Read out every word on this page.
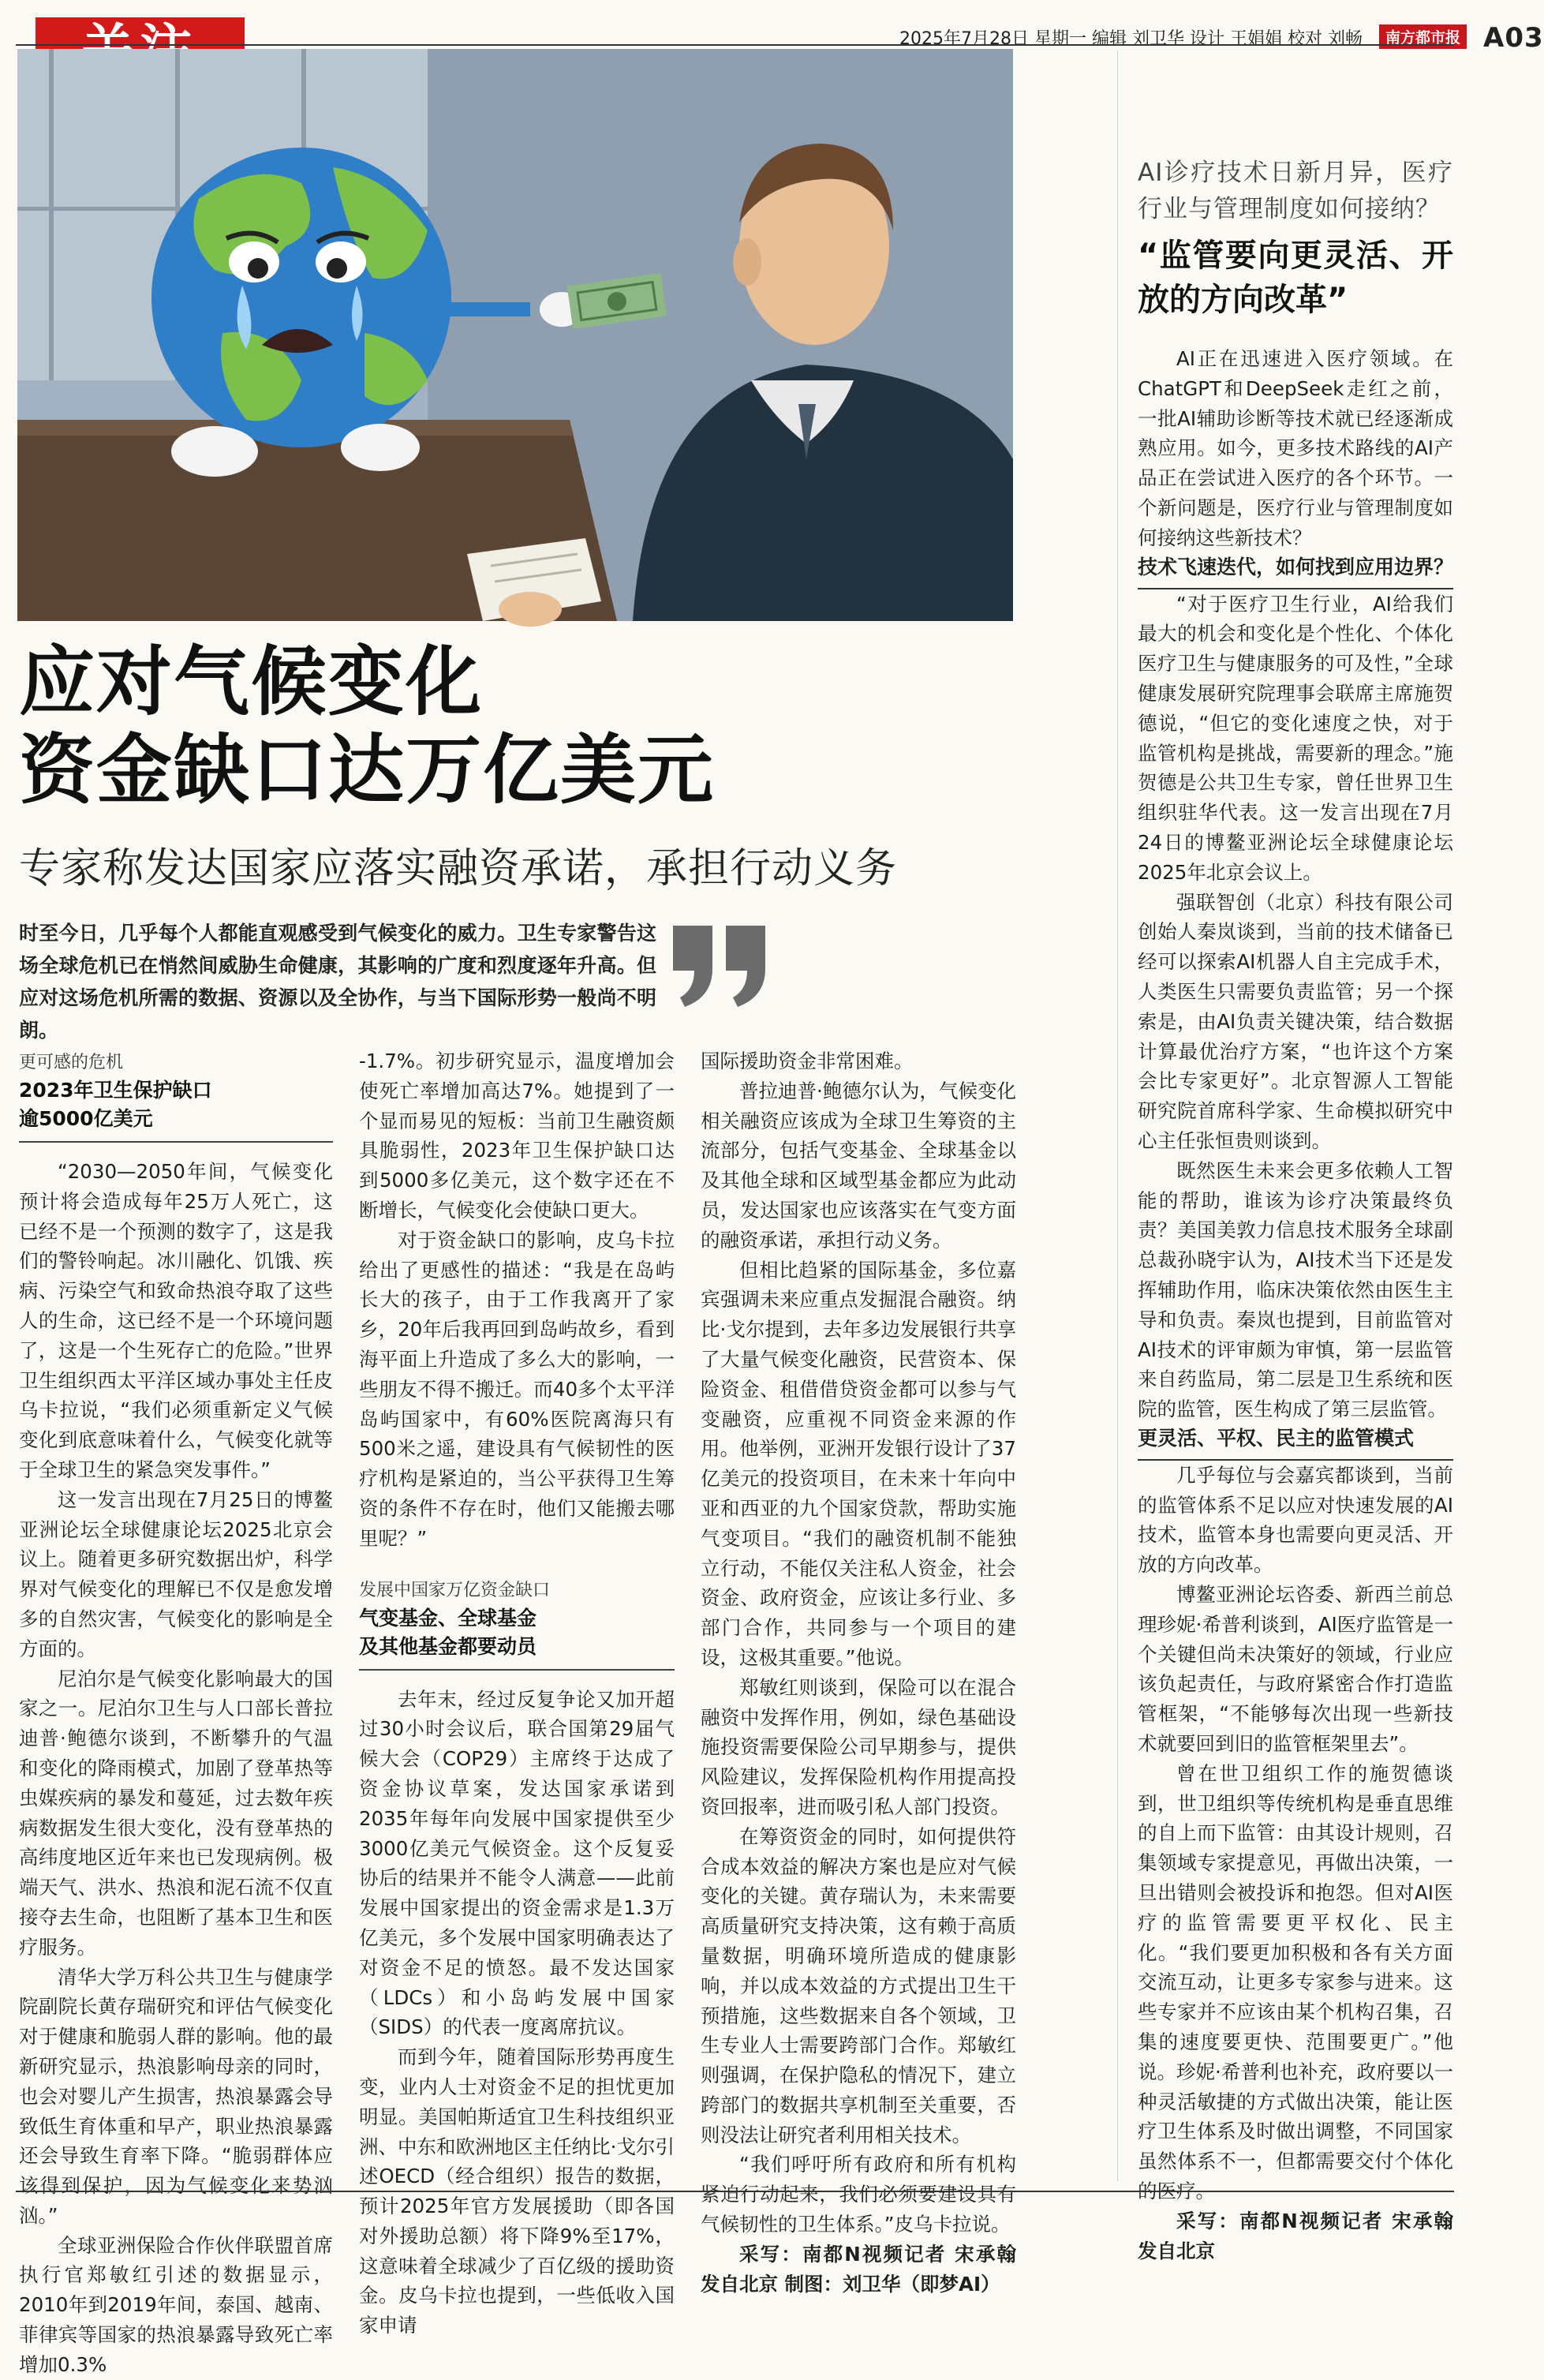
2025年7月28日 星期一 编辑 刘卫华 设计 王娟娟 校对 刘畅 南方都市报 A03
应对气候变化
资金缺口达万亿美元
专家称发达国家应落实融资承诺，承担行动义务
时至今日，几乎每个人都能直观感受到气候变化的威力。卫生专家警告这场全球危机已在悄然间威胁生命健康，其影响的广度和烈度逐年升高。但应对这场危机所需的数据、资源以及全协作，与当下国际形势一般尚不明朗。

更可感的危机

2023年卫生保护缺口

逾5000亿美元

“2030—2050年间，气候变化预计将会造成每年25万人死亡，这已经不是一个预测的数字了，这是我们的警铃响起。冰川融化、饥饿、疾病、污染空气和致命热浪夺取了这些人的生命，这已经不是一个环境问题了，这是一个生死存亡的危险。”世界卫生组织西太平洋区域办事处主任皮乌卡拉说，“我们必须重新定义气候变化到底意味着什么，气候变化就等于全球卫生的紧急突发事件。”

这一发言出现在7月25日的博鳌亚洲论坛全球健康论坛2025北京会议上。随着更多研究数据出炉，科学界对气候变化的理解已不仅是愈发增多的自然灾害，气候变化的影响是全方面的。

尼泊尔是气候变化影响最大的国家之一。尼泊尔卫生与人口部长普拉迪普·鲍德尔谈到，不断攀升的气温和变化的降雨模式，加剧了登革热等虫媒疾病的暴发和蔓延，过去数年疾病数据发生很大变化，没有登革热的高纬度地区近年来也已发现病例。极端天气、洪水、热浪和泥石流不仅直接夺去生命，也阻断了基本卫生和医疗服务。

清华大学万科公共卫生与健康学院副院长黄存瑞研究和评估气候变化对于健康和脆弱人群的影响。他的最新研究显示，热浪影响母亲的同时，也会对婴儿产生损害，热浪暴露会导致低生育体重和早产，职业热浪暴露还会导致生育率下降。“脆弱群体应该得到保护，因为气候变化来势汹汹。”

全球亚洲保险合作伙伴联盟首席执行官郑敏红引述的数据显示，2010年到2019年间，泰国、越南、菲律宾等国家的热浪暴露导致死亡率增加0.3%

-1.7%。初步研究显示，温度增加会使死亡率增加高达7%。她提到了一个显而易见的短板：当前卫生融资颇具脆弱性，2023年卫生保护缺口达到5000多亿美元，这个数字还在不断增长，气候变化会使缺口更大。

对于资金缺口的影响，皮乌卡拉给出了更感性的描述：“我是在岛屿长大的孩子，由于工作我离开了家乡，20年后我再回到岛屿故乡，看到海平面上升造成了多么大的影响，一些朋友不得不搬迁。而40多个太平洋岛屿国家中，有60%医院离海只有500米之遥，建设具有气候韧性的医疗机构是紧迫的，当公平获得卫生筹资的条件不存在时，他们又能搬去哪里呢？”

发展中国家万亿资金缺口

气变基金、全球基金

及其他基金都要动员

去年末，经过反复争论又加开超过30小时会议后，联合国第29届气候大会（COP29）主席终于达成了资金协议草案，发达国家承诺到2035年每年向发展中国家提供至少3000亿美元气候资金。这个反复妥协后的结果并不能令人满意——此前发展中国家提出的资金需求是1.3万亿美元，多个发展中国家明确表达了对资金不足的愤怒。最不发达国家（LDCs）和小岛屿发展中国家（SIDS）的代表一度离席抗议。

而到今年，随着国际形势再度生变，业内人士对资金不足的担忧更加明显。美国帕斯适宜卫生科技组织亚洲、中东和欧洲地区主任纳比·戈尔引述OECD（经合组织）报告的数据，预计2025年官方发展援助（即各国对外援助总额）将下降9%至17%，这意味着全球减少了百亿级的援助资金。皮乌卡拉也提到，一些低收入国家申请

国际援助资金非常困难。

普拉迪普·鲍德尔认为，气候变化相关融资应该成为全球卫生筹资的主流部分，包括气变基金、全球基金以及其他全球和区域型基金都应为此动员，发达国家也应该落实在气变方面的融资承诺，承担行动义务。

但相比趋紧的国际基金，多位嘉宾强调未来应重点发掘混合融资。纳比·戈尔提到，去年多边发展银行共享了大量气候变化融资，民营资本、保险资金、租借借贷资金都可以参与气变融资，应重视不同资金来源的作用。他举例，亚洲开发银行设计了37亿美元的投资项目，在未来十年向中亚和西亚的九个国家贷款，帮助实施气变项目。“我们的融资机制不能独立行动，不能仅关注私人资金，社会资金、政府资金，应该让多行业、多部门合作，共同参与一个项目的建设，这极其重要。”他说。

郑敏红则谈到，保险可以在混合融资中发挥作用，例如，绿色基础设施投资需要保险公司早期参与，提供风险建议，发挥保险机构作用提高投资回报率，进而吸引私人部门投资。

在筹资资金的同时，如何提供符合成本效益的解决方案也是应对气候变化的关键。黄存瑞认为，未来需要高质量研究支持决策，这有赖于高质量数据，明确环境所造成的健康影响，并以成本效益的方式提出卫生干预措施，这些数据来自各个领域，卫生专业人士需要跨部门合作。郑敏红则强调，在保护隐私的情况下，建立跨部门的数据共享机制至关重要，否则没法让研究者利用相关技术。

“我们呼吁所有政府和所有机构紧迫行动起来，我们必须要建设具有气候韧性的卫生体系。”皮乌卡拉说。

采写：南都N视频记者 宋承翰 发自北京 制图：刘卫华（即梦AI）

AI诊疗技术日新月异，医疗行业与管理制度如何接纳？
“监管要向更灵活、开放的方向改革”

AI正在迅速进入医疗领域。在ChatGPT和DeepSeek走红之前，一批AI辅助诊断等技术就已经逐渐成熟应用。如今，更多技术路线的AI产品正在尝试进入医疗的各个环节。一个新问题是，医疗行业与管理制度如何接纳这些新技术？

技术飞速迭代，如何找到应用边界？

“对于医疗卫生行业，AI给我们最大的机会和变化是个性化、个体化医疗卫生与健康服务的可及性，”全球健康发展研究院理事会联席主席施贺德说，“但它的变化速度之快，对于监管机构是挑战，需要新的理念。”施贺德是公共卫生专家，曾任世界卫生组织驻华代表。这一发言出现在7月24日的博鳌亚洲论坛全球健康论坛2025年北京会议上。

强联智创（北京）科技有限公司创始人秦岚谈到，当前的技术储备已经可以探索AI机器人自主完成手术，人类医生只需要负责监管；另一个探索是，由AI负责关键决策，结合数据计算最优治疗方案，“也许这个方案会比专家更好”。北京智源人工智能研究院首席科学家、生命模拟研究中心主任张恒贵则谈到。

既然医生未来会更多依赖人工智能的帮助，谁该为诊疗决策最终负责？美国美敦力信息技术服务全球副总裁孙晓宇认为，AI技术当下还是发挥辅助作用，临床决策依然由医生主导和负责。秦岚也提到，目前监管对AI技术的评审颇为审慎，第一层监管来自药监局，第二层是卫生系统和医院的监管，医生构成了第三层监管。

更灵活、平权、民主的监管模式

几乎每位与会嘉宾都谈到，当前的监管体系不足以应对快速发展的AI技术，监管本身也需要向更灵活、开放的方向改革。

博鳌亚洲论坛咨委、新西兰前总理珍妮·希普利谈到，AI医疗监管是一个关键但尚未决策好的领域，行业应该负起责任，与政府紧密合作打造监管框架，“不能够每次出现一些新技术就要回到旧的监管框架里去”。

曾在世卫组织工作的施贺德谈到，世卫组织等传统机构是垂直思维的自上而下监管：由其设计规则，召集领域专家提意见，再做出决策，一旦出错则会被投诉和抱怨。但对AI医疗的监管需要更平权化、民主化。“我们要更加积极和各有关方面交流互动，让更多专家参与进来。这些专家并不应该由某个机构召集，召集的速度要更快、范围要更广。”他说。珍妮·希普利也补充，政府要以一种灵活敏捷的方式做出决策，能让医疗卫生体系及时做出调整，不同国家虽然体系不一，但都需要交付个体化的医疗。

采写：南都N视频记者 宋承翰 发自北京
